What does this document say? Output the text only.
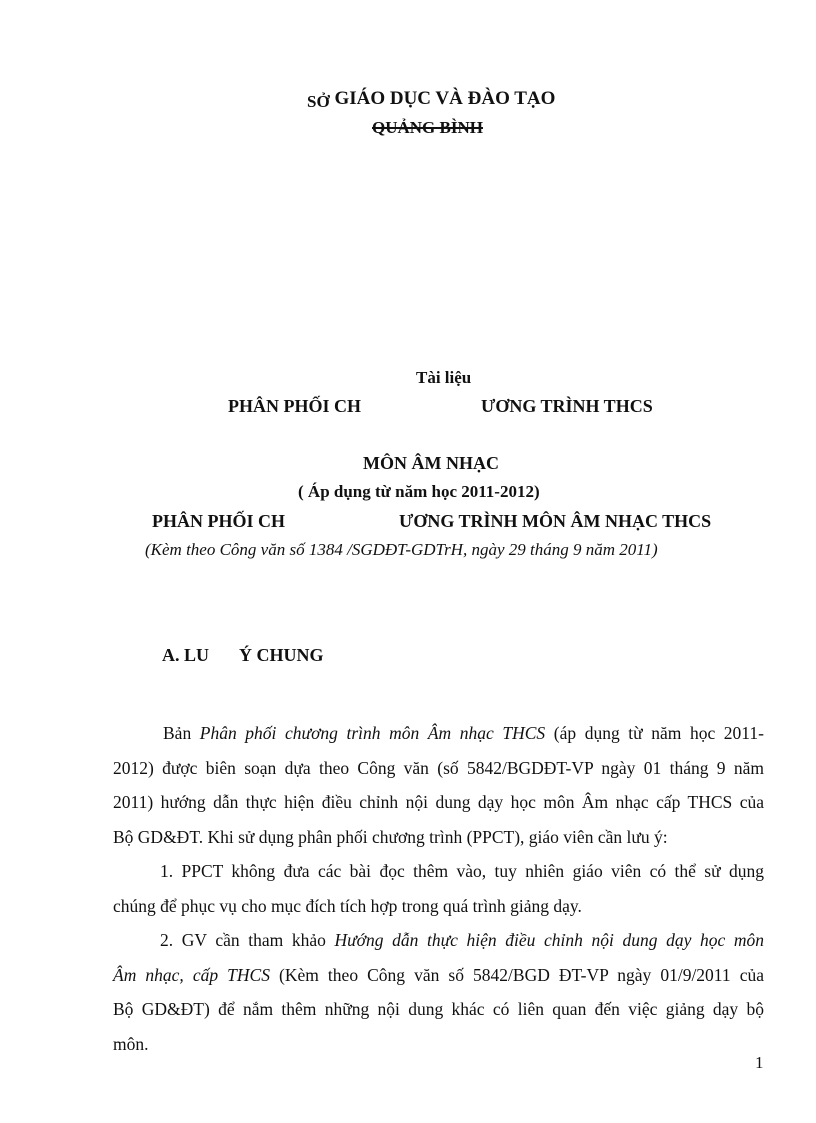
SỞ GIÁO DỤC VÀ ĐÀO TẠO
QUẢNG BÌNH
Tài liệu
PHÂN PHỐI CH	ƯƠNG TRÌNH THCS
MÔN ÂM NHẠC
( Áp dụng từ năm học 2011-2012)
PHÂN PHỐI CH	ƯƠNG TRÌNH MÔN ÂM NHẠC THCS
(Kèm theo Công văn số 1384 /SGDĐT-GDTrH, ngày 29 tháng 9 năm 2011)
A. LU Ý CHUNG
Bản Phân phối chương trình môn Âm nhạc THCS (áp dụng từ năm học 2011-
2012) được biên soạn dựa theo Công văn (số 5842/BGDĐT-VP ngày 01 tháng 9 năm
2011) hướng dẫn thực hiện điều chỉnh nội dung dạy học môn Âm nhạc cấp THCS của
Bộ GD&ĐT. Khi sử dụng phân phối chương trình (PPCT), giáo viên cần lưu ý:
1. PPCT không đưa các bài đọc thêm vào, tuy nhiên giáo viên có thể sử dụng
chúng để phục vụ cho mục đích tích hợp trong quá trình giảng dạy.
2. GV cần tham khảo Hướng dẫn thực hiện điều chỉnh nội dung dạy học môn
Âm nhạc, cấp THCS (Kèm theo Công văn số 5842/BGD ĐT-VP ngày 01/9/2011 của
Bộ GD&ĐT) để nắm thêm những nội dung khác có liên quan đến việc giảng dạy bộ
môn.
1
